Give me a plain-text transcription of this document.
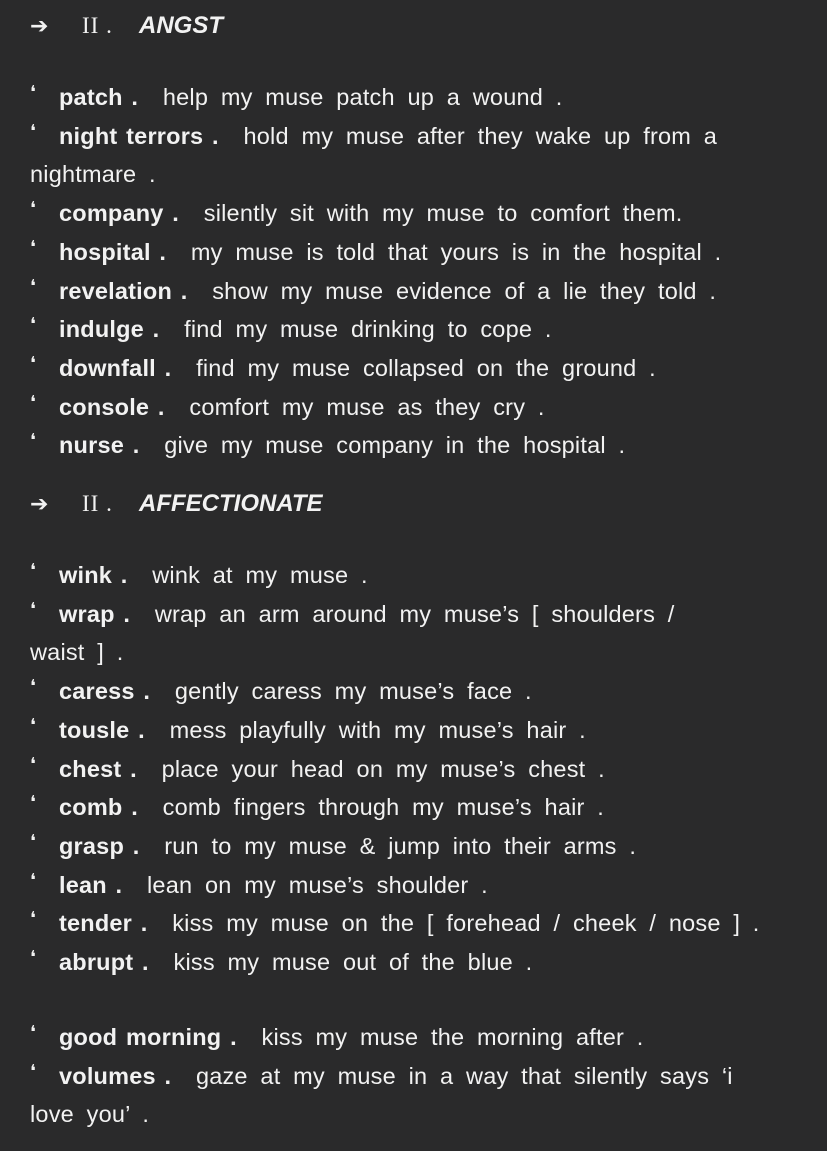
➔	II .	ANGST
❛ patch . help my muse patch up a wound .
❛ night terrors . hold my muse after they wake up from a
nightmare .
❛ company . silently sit with my muse to comfort them.
❛ hospital . my muse is told that yours is in the hospital .
❛ revelation . show my muse evidence of a lie they told .
❛ indulge . find my muse drinking to cope .
❛ downfall . find my muse collapsed on the ground .
❛ console . comfort my muse as they cry .
❛ nurse . give my muse company in the hospital .
➔	II .	AFFECTIONATE
❛ wink . wink at my muse .
❛ wrap . wrap an arm around my muse’s [ shoulders /
waist ] .
❛ caress . gently caress my muse’s face .
❛ tousle . mess playfully with my muse’s hair .
❛ chest . place your head on my muse’s chest .
❛ comb . comb fingers through my muse’s hair .
❛ grasp . run to my muse & jump into their arms .
❛ lean . lean on my muse’s shoulder .
❛ tender . kiss my muse on the [ forehead / cheek / nose ] .
❛ abrupt . kiss my muse out of the blue .
❛ good morning . kiss my muse the morning after .
❛ volumes . gaze at my muse in a way that silently says ‘i
love you’ .
